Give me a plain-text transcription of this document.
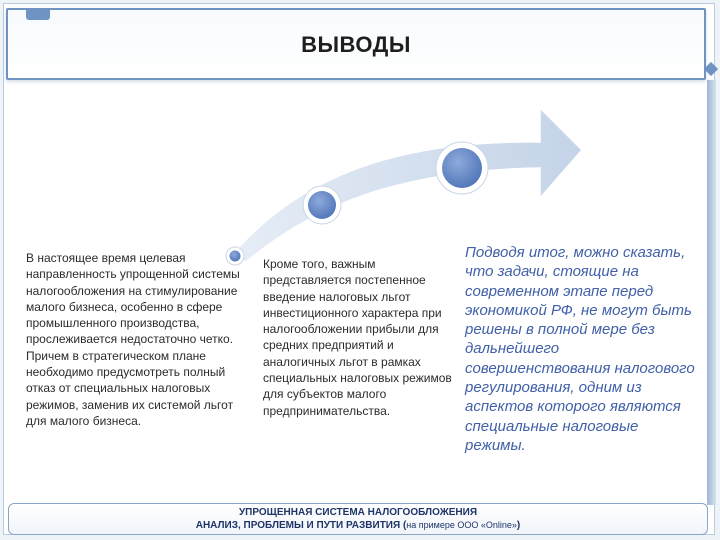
ВЫВОДЫ
В настоящее время целевая направленность упрощенной системы налогообложения на стимулирование малого бизнеса, особенно в сфере промышленного производства, прослеживается недостаточно четко. Причем в стратегическом плане необходимо предусмотреть полный отказ от специальных налоговых режимов, заменив их системой льгот для малого бизнеса.
Кроме того, важным представляется постепенное введение налоговых льгот инвестиционного характера при налогообложении прибыли для средних предприятий и аналогичных льгот в рамках специальных налоговых режимов для субъектов малого предпринимательства.
Подводя итог, можно сказать, что задачи, стоящие на современном этапе перед экономикой РФ, не могут быть решены в полной мере без дальнейшего совершенствования налогового регулирования, одним из аспектов которого являются специальные налоговые режимы.
УПРОЩЕННАЯ СИСТЕМА НАЛОГООБЛОЖЕНИЯ
АНАЛИЗ, ПРОБЛЕМЫ И ПУТИ РАЗВИТИЯ (на примере ООО «Online»)
